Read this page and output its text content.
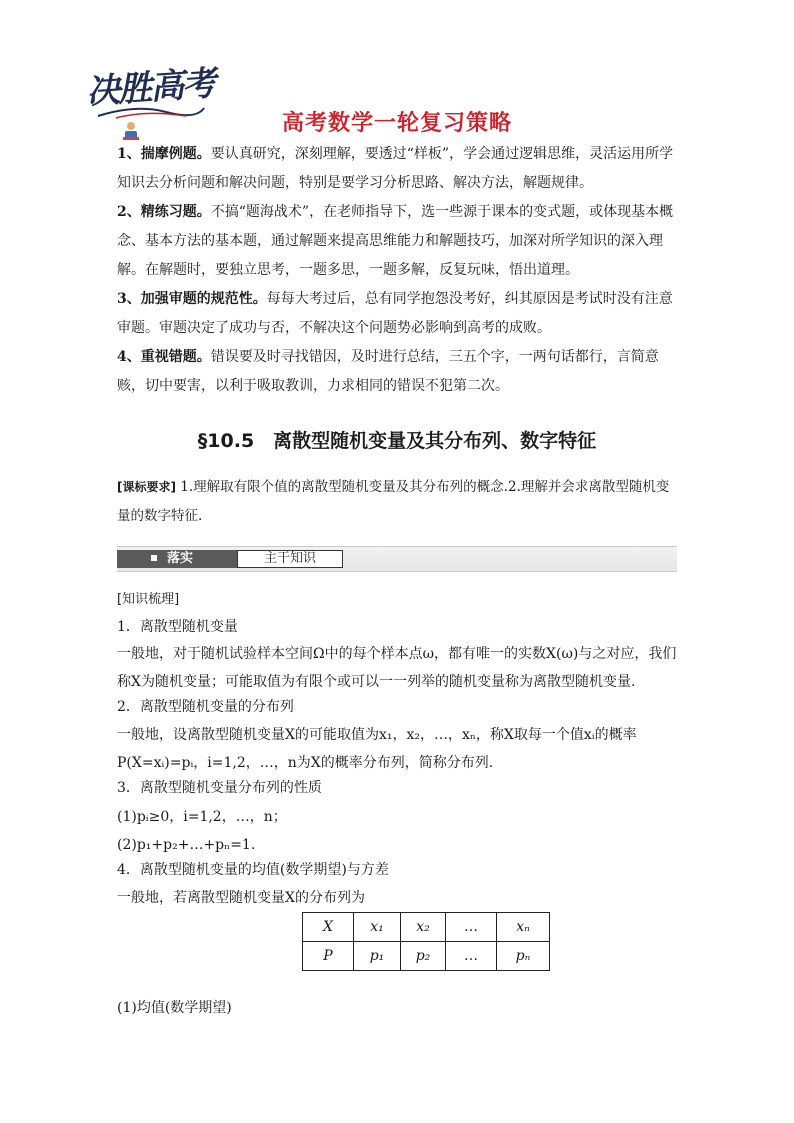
决胜高考
高考数学一轮复习策略
1、揣摩例题。要认真研究，深刻理解，要透过“样板”，学会通过逻辑思维，灵活运用所学知识去分析问题和解决问题，特别是要学习分析思路、解决方法，解题规律。
2、精练习题。不搞“题海战术”，在老师指导下，选一些源于课本的变式题，或体现基本概念、基本方法的基本题，通过解题来提高思维能力和解题技巧，加深对所学知识的深入理解。在解题时，要独立思考，一题多思，一题多解，反复玩味，悟出道理。
3、加强审题的规范性。每每大考过后，总有同学抱怨没考好，纠其原因是考试时没有注意审题。审题决定了成功与否，不解决这个问题势必影响到高考的成败。
4、重视错题。错误要及时寻找错因，及时进行总结，三五个字，一两句话都行，言简意赅，切中要害，以利于吸取教训，力求相同的错误不犯第二次。
§10.5　离散型随机变量及其分布列、数字特征
[课标要求] 1.理解取有限个值的离散型随机变量及其分布列的概念.2.理解并会求离散型随机变量的数字特征.
落实	主干知识
[知识梳理]
1．离散型随机变量
一般地，对于随机试验样本空间Ω中的每个样本点ω，都有唯一的实数X(ω)与之对应，我们称X为随机变量；可能取值为有限个或可以一一列举的随机变量称为离散型随机变量.
2．离散型随机变量的分布列
一般地，设离散型随机变量X的可能取值为x₁，x₂，…，xₙ，称X取每一个值xᵢ的概率P(X=xᵢ)=pᵢ，i=1,2，…，n为X的概率分布列，简称分布列.
3．离散型随机变量分布列的性质
(1)pᵢ≥0，i=1,2，…，n；
(2)p₁+p₂+…+pₙ=1.
4．离散型随机变量的均值(数学期望)与方差
一般地，若离散型随机变量X的分布列为
X	x₁	x₂	…	xₙ
P	p₁	p₂	…	pₙ
(1)均值(数学期望)
